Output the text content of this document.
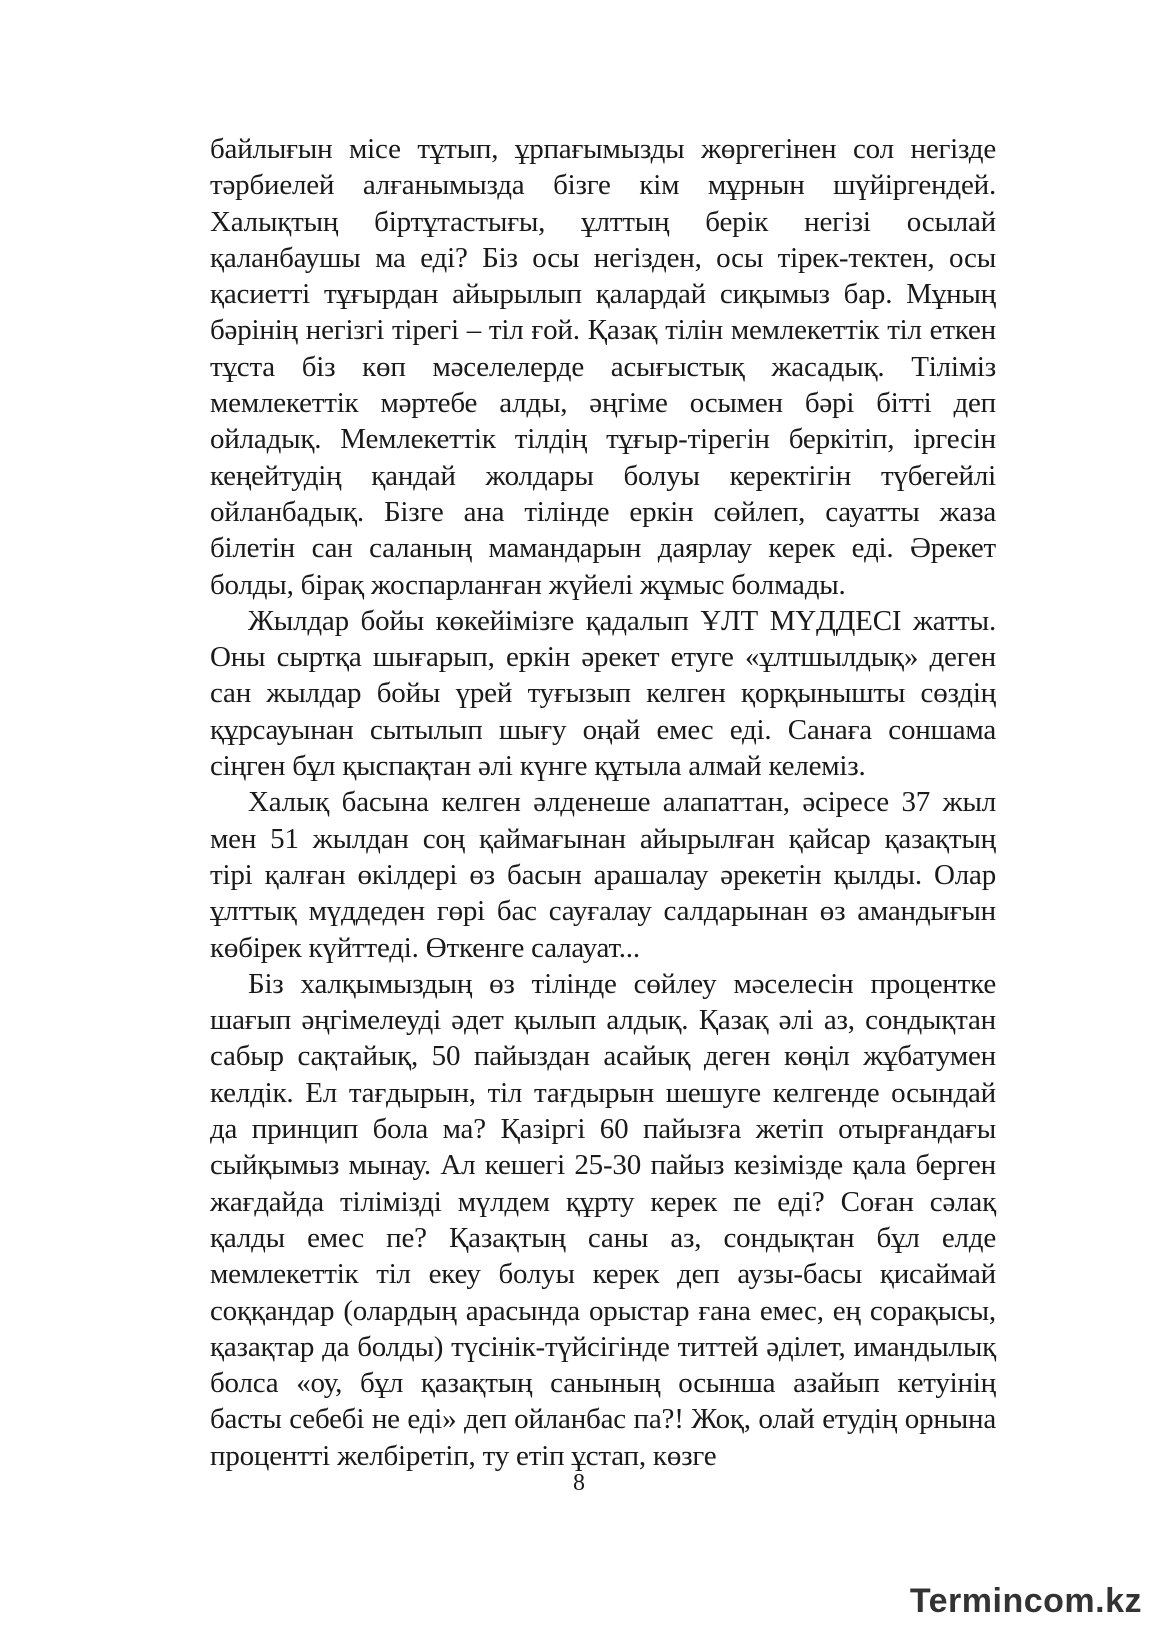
байлығын місе тұтып, ұрпағымызды жөргегінен сол негізде тәрбиелей алғанымызда бізге кім мұрнын шүйіргендей. Халықтың біртұтастығы, ұлттың берік негізі осылай қаланбаушы ма еді? Біз осы негізден, осы тірек-тектен, осы қасиетті тұғырдан айырылып қалардай сиқымыз бар. Мұның бәрінің негізгі тірегі – тіл ғой. Қазақ тілін мемлекеттік тіл еткен тұста біз көп мәселелерде асығыстық жасадық. Тіліміз мемлекеттік мәртебе алды, әңгіме осымен бәрі бітті деп ойладық. Мемлекеттік тілдің тұғыр-тірегін беркітіп, іргесін кеңейтудің қандай жолдары болуы керектігін түбегейлі ойланбадық. Бізге ана тілінде еркін сөйлеп, сауатты жаза білетін сан саланың мамандарын даярлау керек еді. Әрекет болды, бірақ жоспарланған жүйелі жұмыс болмады.

Жылдар бойы көкейімізге қадалып ҰЛТ МҮДДЕСІ жатты. Оны сыртқа шығарып, еркін әрекет етуге «ұлтшылдық» деген сан жылдар бойы үрей туғызып келген қорқынышты сөздің құрсауынан сытылып шығу оңай емес еді. Санаға соншама сіңген бұл қыспақтан әлі күнге құтыла алмай келеміз.

Халық басына келген әлденеше алапаттан, әсіресе 37 жыл мен 51 жылдан соң қаймағынан айырылған қайсар қазақтың тірі қалған өкілдері өз басын арашалау әрекетін қылды. Олар ұлттық мүддеден гөрі бас сауғалау салдарынан өз амандығын көбірек күйттеді. Өткенге салауат...

Біз халқымыздың өз тілінде сөйлеу мәселесін процентке шағып әңгімелеуді әдет қылып алдық. Қазақ әлі аз, сондықтан сабыр сақтайық, 50 пайыздан асайық деген көңіл жұбатумен келдік. Ел тағдырын, тіл тағдырын шешуге келгенде осындай да принцип бола ма? Қазіргі 60 пайызға жетіп отырғандағы сыйқымыз мынау. Ал кешегі 25-30 пайыз кезімізде қала берген жағдайда тілімізді мүлдем құрту керек пе еді? Соған сәлақ қалды емес пе? Қазақтың саны аз, сондықтан бұл елде мемлекеттік тіл екеу болуы керек деп аузы-басы қисаймай соққандар (олардың арасында орыстар ғана емес, ең сорақысы, қазақтар да болды) түсінік-түйсігінде титтей әділет, имандылық болса «оу, бұл қазақтың санының осынша азайып кетуінің басты себебі не еді» деп ойланбас па?! Жоқ, олай етудің орнына процентті желбіретіп, ту етіп ұстап, көзге

8
Termincom.kz
